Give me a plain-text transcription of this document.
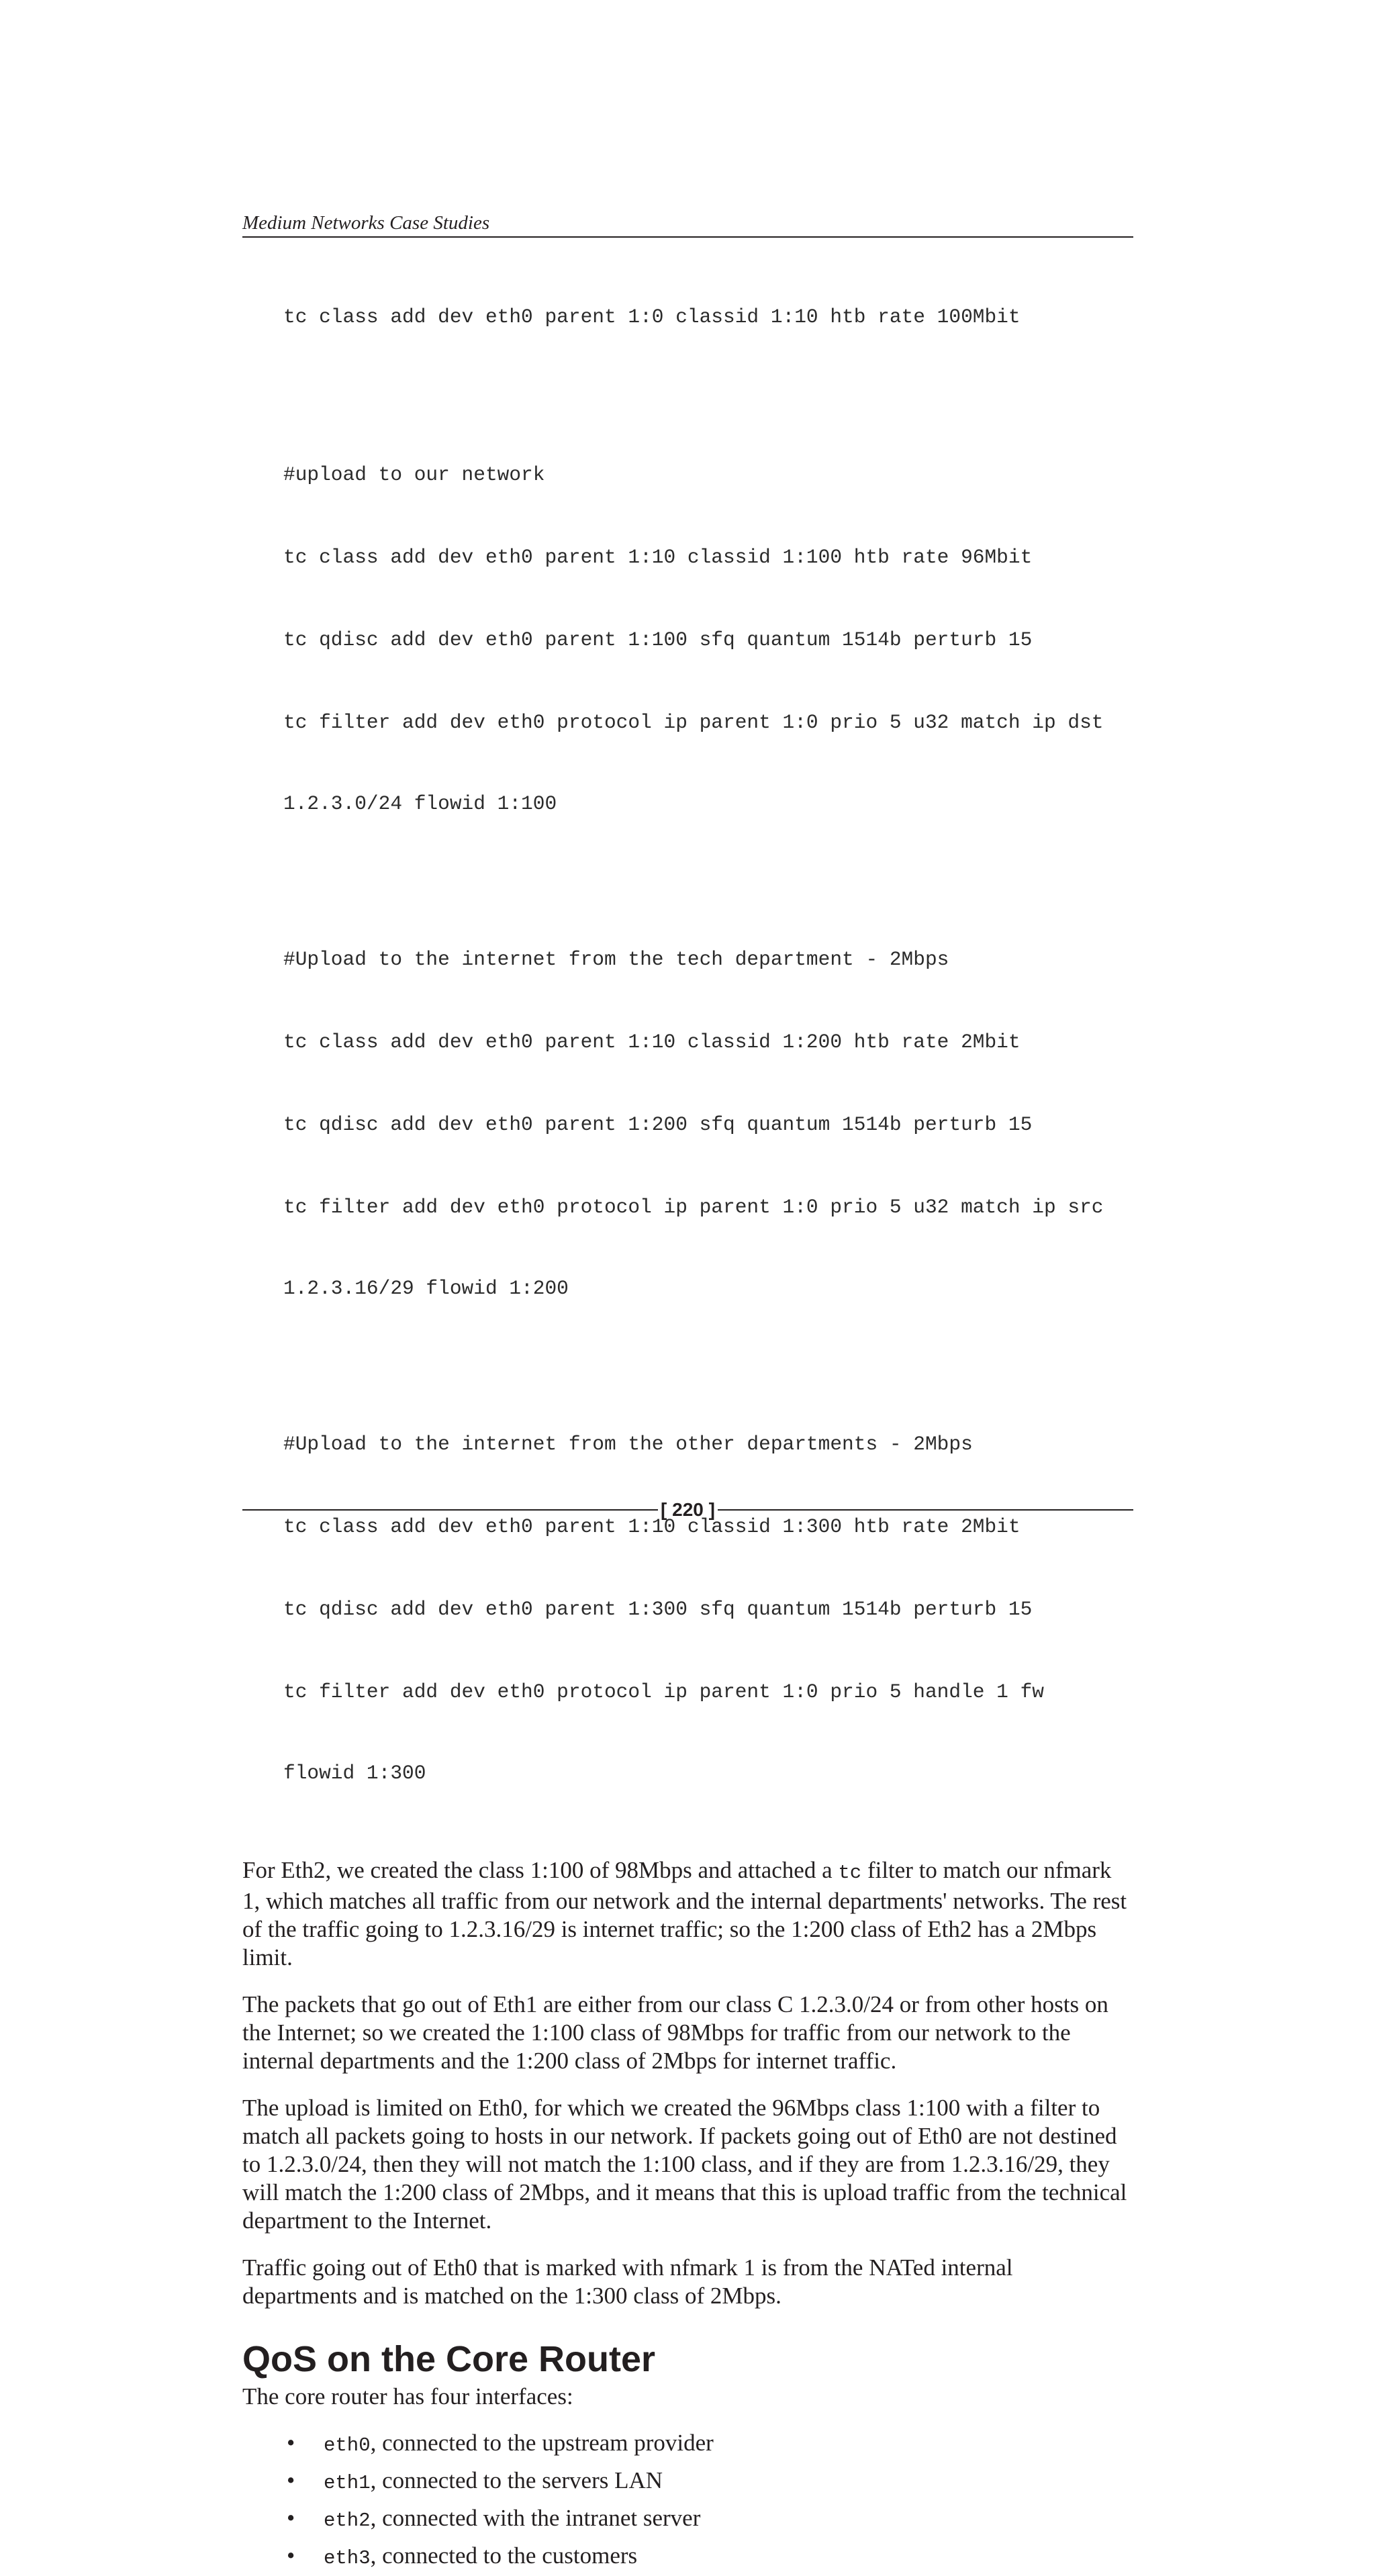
Medium Networks Case Studies

tc class add dev eth0 parent 1:0 classid 1:10 htb rate 100Mbit

#upload to our network

tc class add dev eth0 parent 1:10 classid 1:100 htb rate 96Mbit

tc qdisc add dev eth0 parent 1:100 sfq quantum 1514b perturb 15

tc filter add dev eth0 protocol ip parent 1:0 prio 5 u32 match ip dst

1.2.3.0/24 flowid 1:100

#Upload to the internet from the tech department - 2Mbps

tc class add dev eth0 parent 1:10 classid 1:200 htb rate 2Mbit

tc qdisc add dev eth0 parent 1:200 sfq quantum 1514b perturb 15

tc filter add dev eth0 protocol ip parent 1:0 prio 5 u32 match ip src

1.2.3.16/29 flowid 1:200

#Upload to the internet from the other departments - 2Mbps

tc class add dev eth0 parent 1:10 classid 1:300 htb rate 2Mbit

tc qdisc add dev eth0 parent 1:300 sfq quantum 1514b perturb 15

tc filter add dev eth0 protocol ip parent 1:0 prio 5 handle 1 fw

flowid 1:300

For Eth2, we created the class 1:100 of 98Mbps and attached a tc filter to match our nfmark 1, which matches all traffic from our network and the internal departments' networks. The rest of the traffic going to 1.2.3.16/29 is internet traffic; so the 1:200 class of Eth2 has a 2Mbps limit.

The packets that go out of Eth1 are either from our class C 1.2.3.0/24 or from other hosts on the Internet; so we created the 1:100 class of 98Mbps for traffic from our network to the internal departments and the 1:200 class of 2Mbps for internet traffic.

The upload is limited on Eth0, for which we created the 96Mbps class 1:100 with a filter to match all packets going to hosts in our network. If packets going out of Eth0 are not destined to 1.2.3.0/24, then they will not match the 1:100 class, and if they are from 1.2.3.16/29, they will match the 1:200 class of 2Mbps, and it means that this is upload traffic from the technical department to the Internet.

Traffic going out of Eth0 that is marked with nfmark 1 is from the NATed internal departments and is matched on the 1:300 class of 2Mbps.

QoS on the Core Router

The core router has four interfaces:

• eth0, connected to the upstream provider
• eth1, connected to the servers LAN
• eth2, connected with the intranet server
• eth3, connected to the customers
[ 220 ]
